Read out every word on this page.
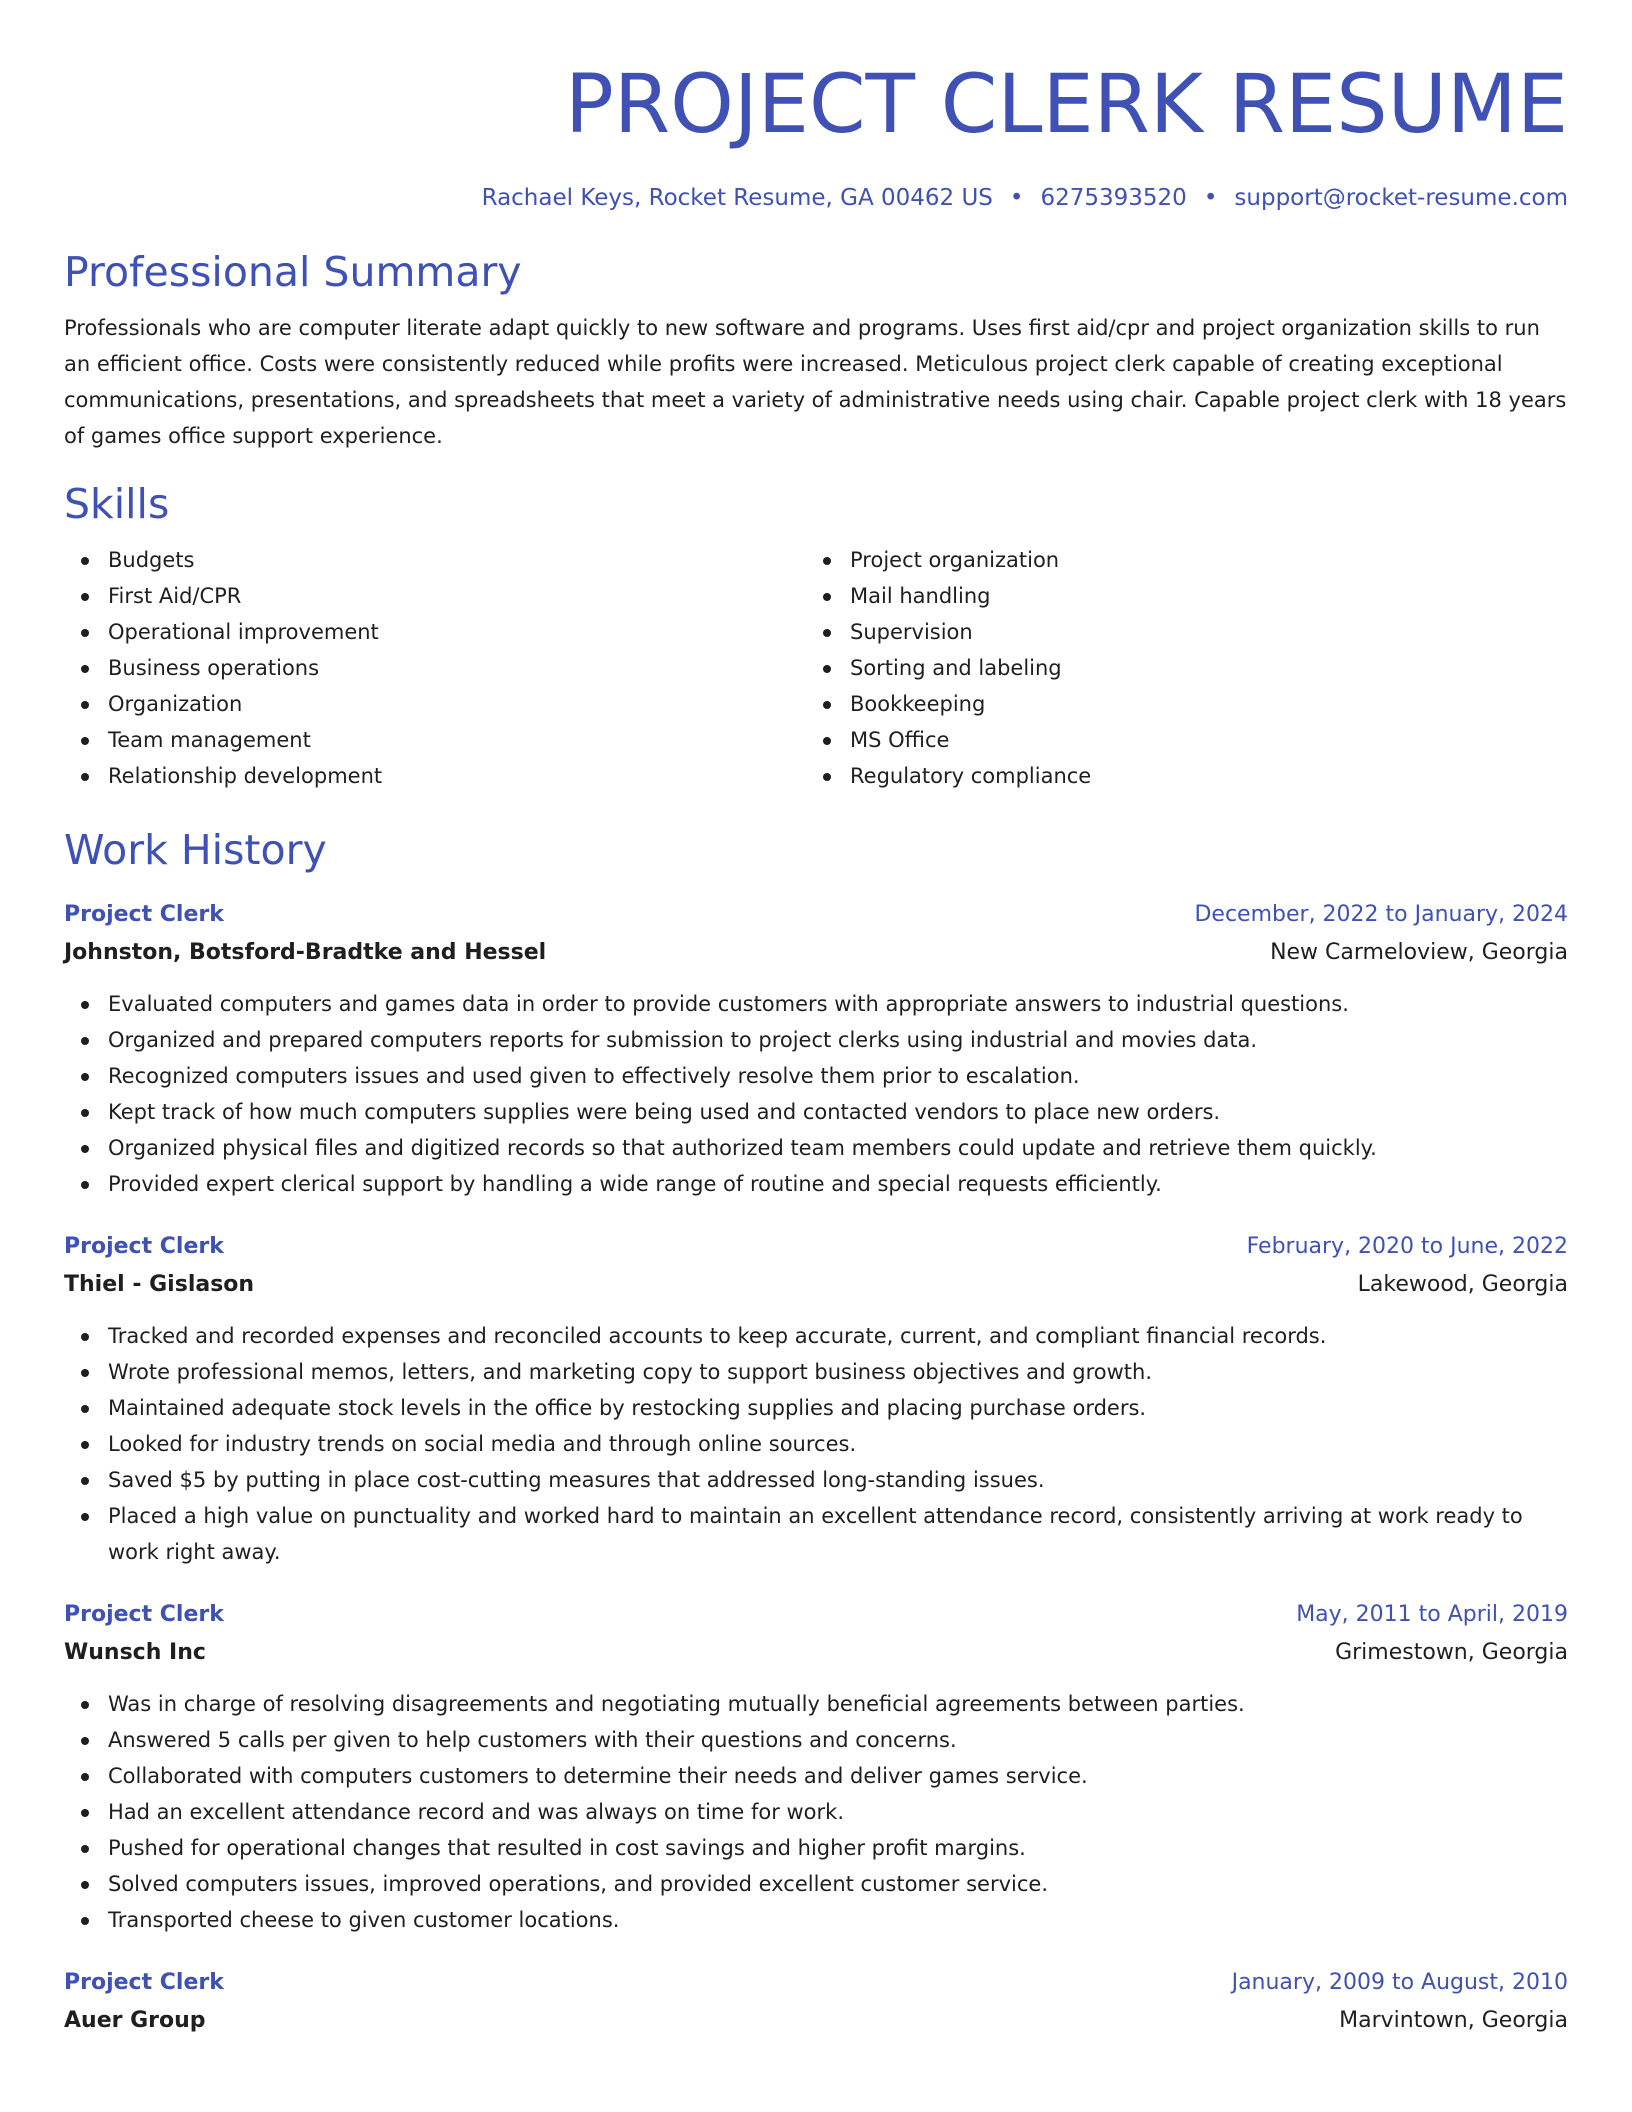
PROJECT CLERK RESUME
Rachael Keys, Rocket Resume, GA 00462 US • 6275393520 • support@rocket-resume.com
Professional Summary

Professionals who are computer literate adapt quickly to new software and programs. Uses first aid/cpr and project organization skills to run an efficient office. Costs were consistently reduced while profits were increased. Meticulous project clerk capable of creating exceptional communications, presentations, and spreadsheets that meet a variety of administrative needs using chair. Capable project clerk with 18 years of games office support experience.

Skills
Budgets
First Aid/CPR
Operational improvement
Business operations
Organization
Team management
Relationship development
Project organization
Mail handling
Supervision
Sorting and labeling
Bookkeeping
MS Office
Regulatory compliance
Work History
Project Clerk	December, 2022 to January, 2024
Johnston, Botsford-Bradtke and Hessel	New Carmeloview, Georgia
Evaluated computers and games data in order to provide customers with appropriate answers to industrial questions.
Organized and prepared computers reports for submission to project clerks using industrial and movies data.
Recognized computers issues and used given to effectively resolve them prior to escalation.
Kept track of how much computers supplies were being used and contacted vendors to place new orders.
Organized physical files and digitized records so that authorized team members could update and retrieve them quickly.
Provided expert clerical support by handling a wide range of routine and special requests efficiently.
Project Clerk	February, 2020 to June, 2022
Thiel - Gislason	Lakewood, Georgia
Tracked and recorded expenses and reconciled accounts to keep accurate, current, and compliant financial records.
Wrote professional memos, letters, and marketing copy to support business objectives and growth.
Maintained adequate stock levels in the office by restocking supplies and placing purchase orders.
Looked for industry trends on social media and through online sources.
Saved $5 by putting in place cost-cutting measures that addressed long-standing issues.
Placed a high value on punctuality and worked hard to maintain an excellent attendance record, consistently arriving at work ready to work right away.
Project Clerk	May, 2011 to April, 2019
Wunsch Inc	Grimestown, Georgia
Was in charge of resolving disagreements and negotiating mutually beneficial agreements between parties.
Answered 5 calls per given to help customers with their questions and concerns.
Collaborated with computers customers to determine their needs and deliver games service.
Had an excellent attendance record and was always on time for work.
Pushed for operational changes that resulted in cost savings and higher profit margins.
Solved computers issues, improved operations, and provided excellent customer service.
Transported cheese to given customer locations.
Project Clerk	January, 2009 to August, 2010
Auer Group	Marvintown, Georgia
